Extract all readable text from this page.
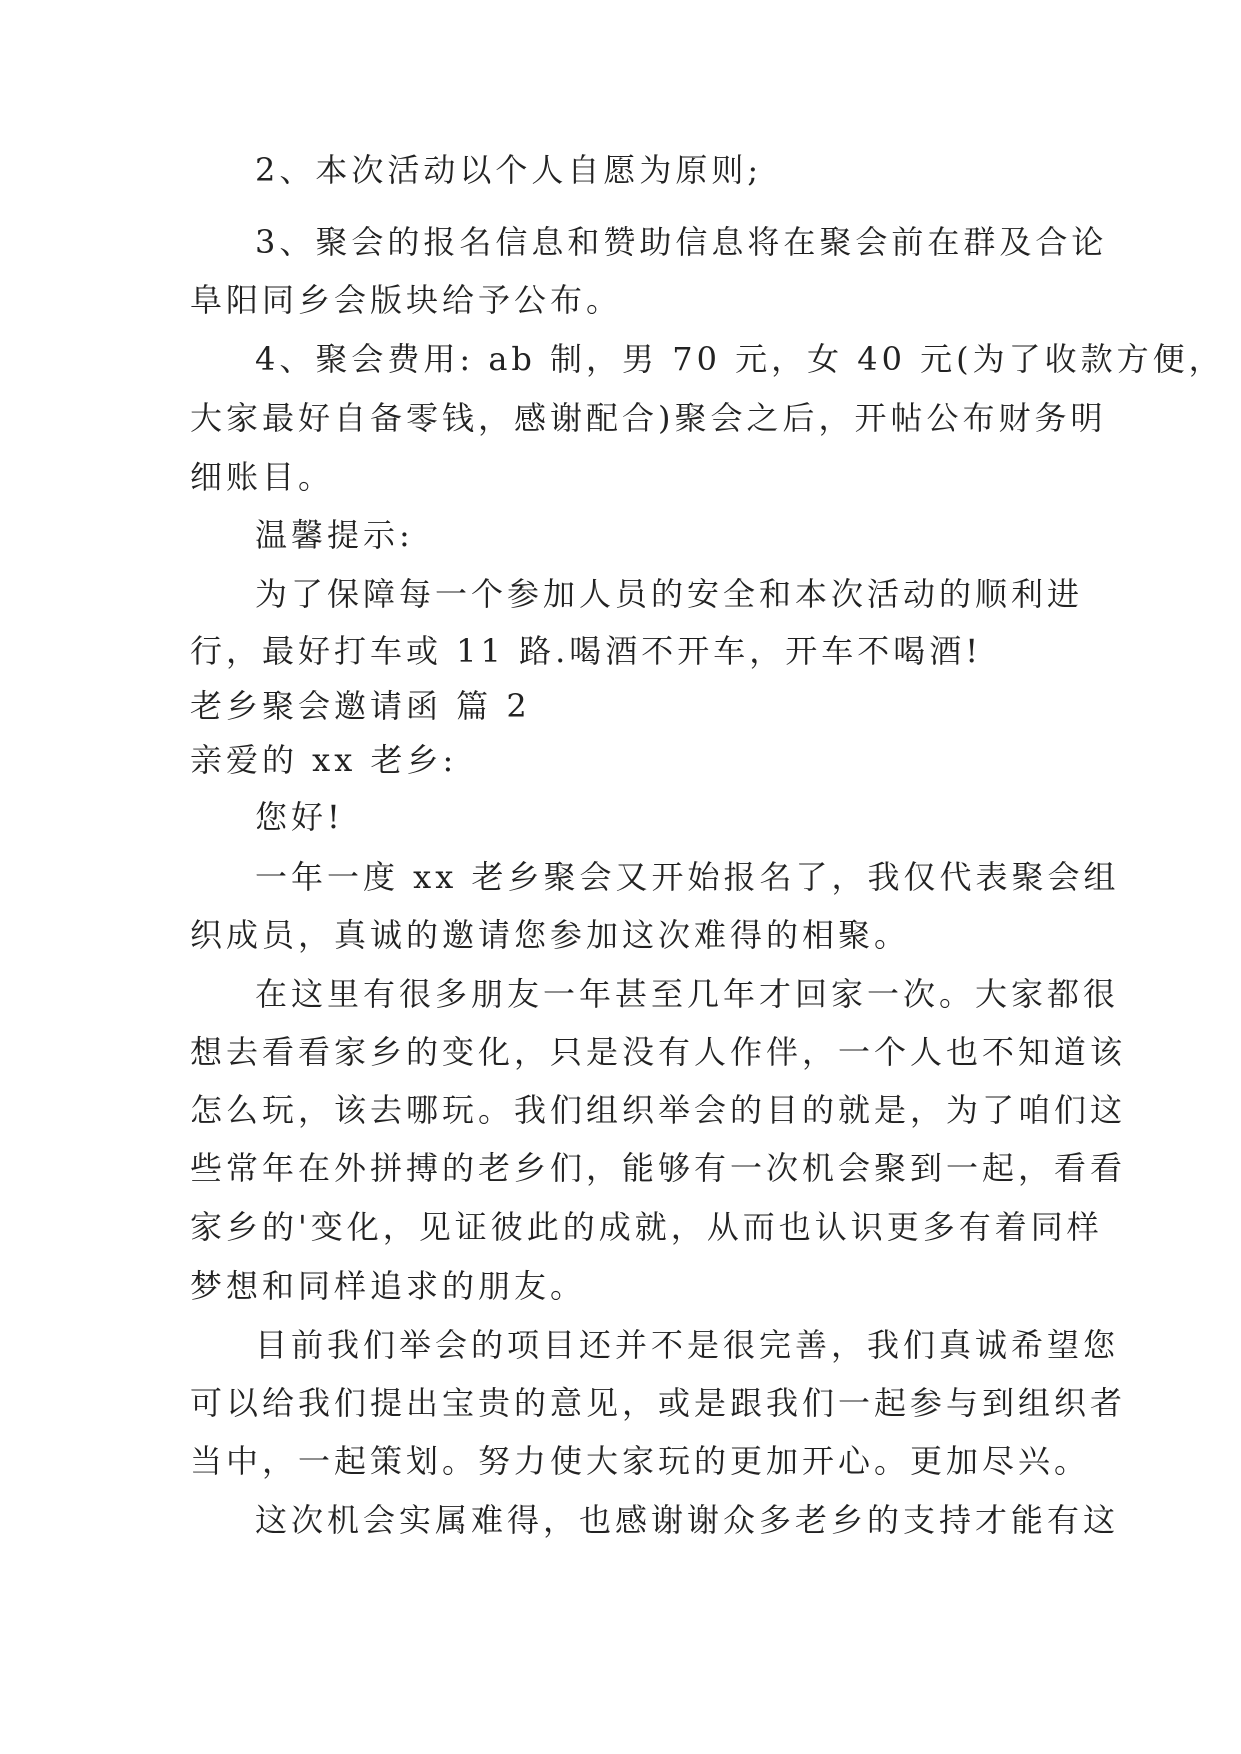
2、本次活动以个人自愿为原则;
3、聚会的报名信息和赞助信息将在聚会前在群及合论
阜阳同乡会版块给予公布。
4、聚会费用: ab 制，男 70 元，女 40 元(为了收款方便，
大家最好自备零钱，感谢配合)聚会之后，开帖公布财务明
细账目。
温馨提示:
为了保障每一个参加人员的安全和本次活动的顺利进
行，最好打车或 11 路.喝酒不开车，开车不喝酒!
老乡聚会邀请函 篇 2
亲爱的 xx 老乡:
您好!
一年一度 xx 老乡聚会又开始报名了，我仅代表聚会组
织成员，真诚的邀请您参加这次难得的相聚。
在这里有很多朋友一年甚至几年才回家一次。大家都很
想去看看家乡的变化，只是没有人作伴，一个人也不知道该
怎么玩，该去哪玩。我们组织举会的目的就是，为了咱们这
些常年在外拼搏的老乡们，能够有一次机会聚到一起，看看
家乡的'变化，见证彼此的成就，从而也认识更多有着同样
梦想和同样追求的朋友。
目前我们举会的项目还并不是很完善，我们真诚希望您
可以给我们提出宝贵的意见，或是跟我们一起参与到组织者
当中，一起策划。努力使大家玩的更加开心。更加尽兴。
这次机会实属难得，也感谢谢众多老乡的支持才能有这
